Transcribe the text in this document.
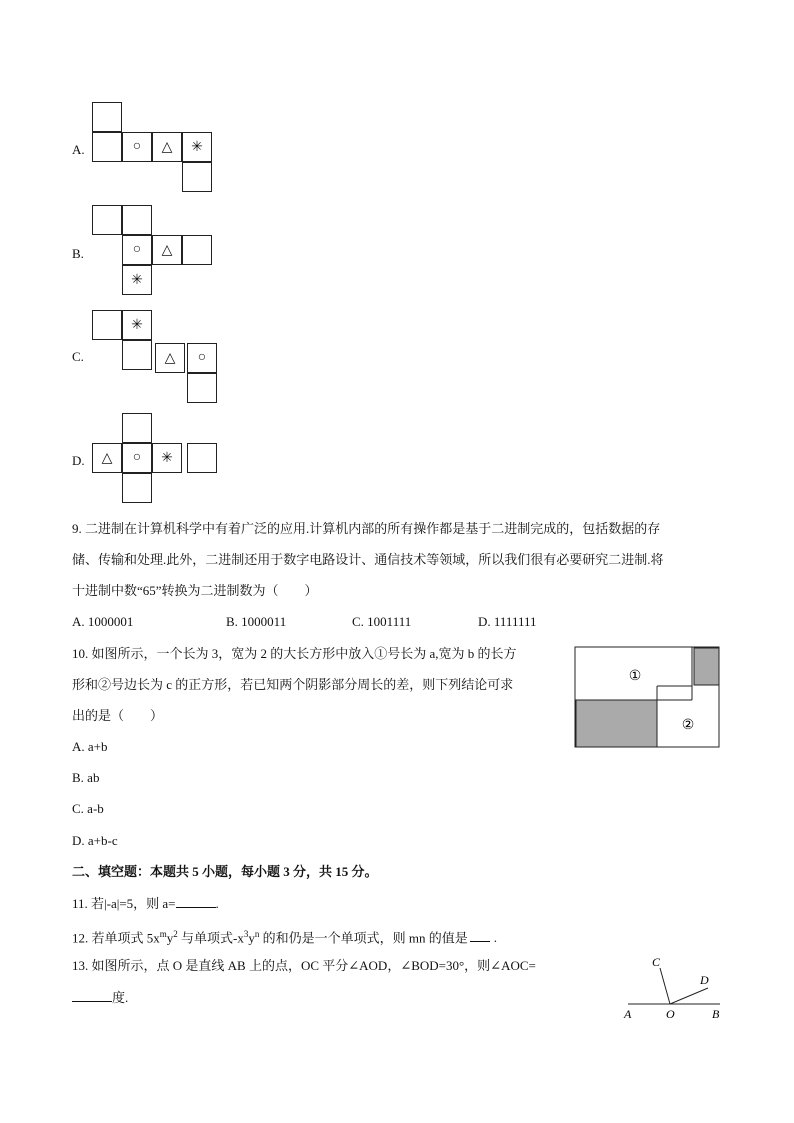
A.	○	△	✳
B.	○	△
✳
C.
✳
△	○
D.	△	○	✳
9. 二进制在计算机科学中有着广泛的应用.计算机内部的所有操作都是基于二进制完成的，包括数据的存
储、传输和处理.此外，二进制还用于数字电路设计、通信技术等领域，所以我们很有必要研究二进制.将
十进制中数“65”转换为二进制数为（　　）
A. 1000001	B. 1000011	C. 1001111	D. 1111111
10. 如图所示，一个长为 3，宽为 2 的大长方形中放入①号长为 a,宽为 b 的长方
形和②号边长为 c 的正方形，若已知两个阴影部分周长的差，则下列结论可求
出的是（　　）
A. a+b
B. ab
C. a-b
D. a+b-c
①
②
二、填空题：本题共 5 小题，每小题 3 分，共 15 分。
11. 若|-a|=5，则 a=	.
12. 若单项式 $5x^my^2$ 与单项式$-x^3y^n$ 的和仍是一个单项式，则 mn 的值是 .
13. 如图所示，点 O 是直线 AB 上的点，OC 平分∠AOD，∠BOD=30°，则∠AOC=
度.
A	O	B
C
D
